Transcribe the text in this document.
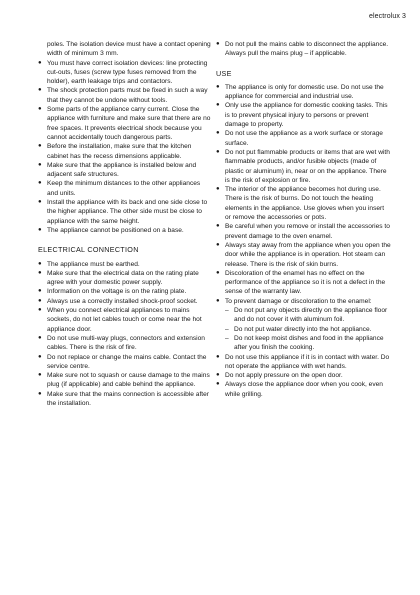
electrolux 3
poles. The isolation device must have a contact opening width of minimum 3 mm.
● You must have correct isolation devices: line protecting cut-outs, fuses (screw type fuses removed from the holder), earth leakage trips and contactors.
● The shock protection parts must be fixed in such a way that they cannot be undone without tools.
● Some parts of the appliance carry current. Close the appliance with furniture and make sure that there are no free spaces. It prevents electrical shock because you cannot accidentally touch dangerous parts.
● Before the installation, make sure that the kitchen cabinet has the recess dimensions applicable.
● Make sure that the appliance is installed below and adjacent safe structures.
● Keep the minimum distances to the other appliances and units.
● Install the appliance with its back and one side close to the higher appliance. The other side must be close to appliance with the same height.
● The appliance cannot be positioned on a base.
ELECTRICAL CONNECTION
● The appliance must be earthed.
● Make sure that the electrical data on the rating plate agree with your domestic power supply.
● Information on the voltage is on the rating plate.
● Always use a correctly installed shock-proof socket.
● When you connect electrical appliances to mains sockets, do not let cables touch or come near the hot appliance door.
● Do not use multi-way plugs, connectors and extension cables. There is the risk of fire.
● Do not replace or change the mains cable. Contact the service centre.
● Make sure not to squash or cause damage to the mains plug (if applicable) and cable behind the appliance.
● Make sure that the mains connection is accessible after the installation.
● Do not pull the mains cable to disconnect the appliance. Always pull the mains plug – if applicable.
USE
● The appliance is only for domestic use. Do not use the appliance for commercial and industrial use.
● Only use the appliance for domestic cooking tasks. This is to prevent physical injury to persons or prevent damage to property.
● Do not use the appliance as a work surface or storage surface.
● Do not put flammable products or items that are wet with flammable products, and/or fusible objects (made of plastic or aluminum) in, near or on the appliance. There is the risk of explosion or fire.
● The interior of the appliance becomes hot during use. There is the risk of burns. Do not touch the heating elements in the appliance. Use gloves when you insert or remove the accessories or pots.
● Be careful when you remove or install the accessories to prevent damage to the oven enamel.
● Always stay away from the appliance when you open the door while the appliance is in operation. Hot steam can release. There is the risk of skin burns.
● Discoloration of the enamel has no effect on the performance of the appliance so it is not a defect in the sense of the warranty law.
● To prevent damage or discoloration to the enamel:
– Do not put any objects directly on the appliance floor and do not cover it with aluminum foil.
– Do not put water directly into the hot appliance.
– Do not keep moist dishes and food in the appliance after you finish the cooking.
● Do not use this appliance if it is in contact with water. Do not operate the appliance with wet hands.
● Do not apply pressure on the open door.
● Always close the appliance door when you cook, even while grilling.
